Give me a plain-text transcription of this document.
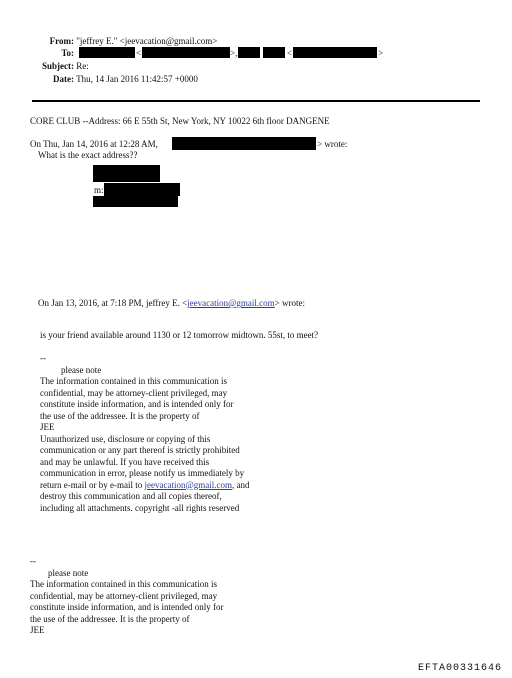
From: "jeffrey E." <jeevacation@gmail.com>
To:	<	>,	<	>
Subject: Re:
Date: Thu, 14 Jan 2016 11:42:57 +0000
CORE CLUB --Address: 66 E 55th St, New York, NY 10022 6th floor DANGENE
On Thu, Jan 14, 2016 at 12:28 AM,	> wrote:
What is the exact address??
m:
On Jan 13, 2016, at 7:18 PM, jeffrey E. <jeevacation@gmail.com> wrote:
is your friend available around 1130 or 12 tomorrow midtown. 55st, to meet?
--
please note
The information contained in this communication is
confidential, may be attorney-client privileged, may
constitute inside information, and is intended only for
the use of the addressee. It is the property of
JEE
Unauthorized use, disclosure or copying of this
communication or any part thereof is strictly prohibited
and may be unlawful. If you have received this
communication in error, please notify us immediately by
return e-mail or by e-mail to jeevacation@gmail.com, and
destroy this communication and all copies thereof,
including all attachments. copyright -all rights reserved
--
please note
The information contained in this communication is
confidential, may be attorney-client privileged, may
constitute inside information, and is intended only for
the use of the addressee. It is the property of
JEE
EFTA00331646
